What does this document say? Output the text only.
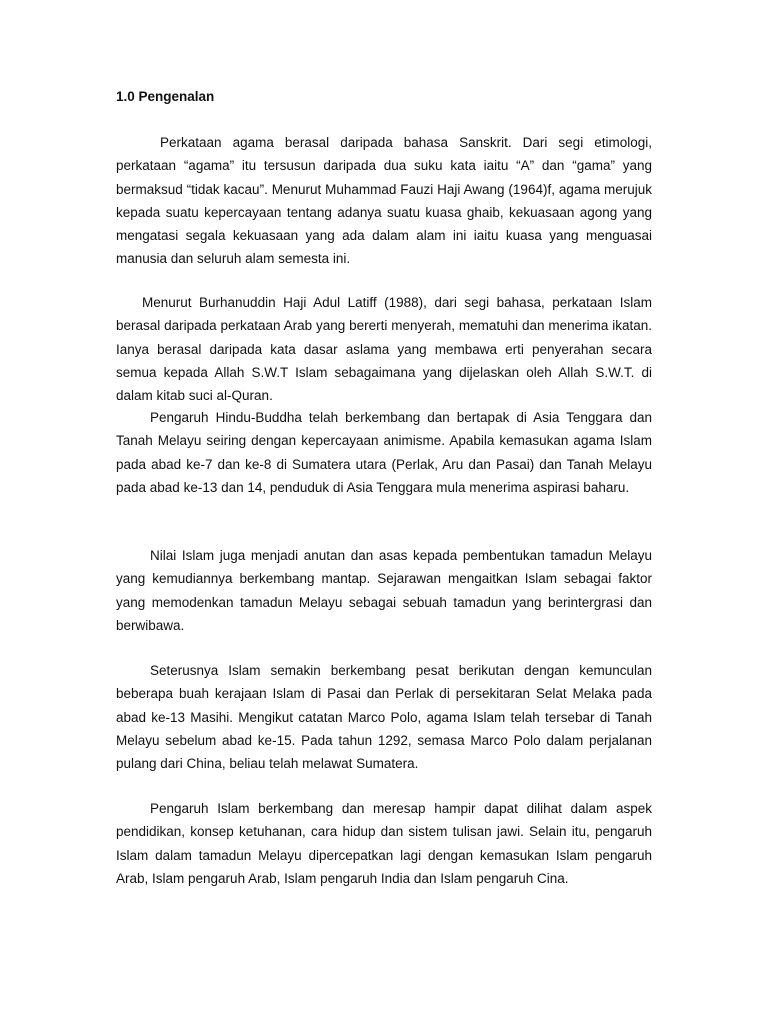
1.0 Pengenalan

Perkataan agama berasal daripada bahasa Sanskrit. Dari segi etimologi, perkataan “agama” itu tersusun daripada dua suku kata iaitu “A” dan “gama” yang bermaksud “tidak kacau”. Menurut Muhammad Fauzi Haji Awang (1964)f, agama merujuk kepada suatu kepercayaan tentang adanya suatu kuasa ghaib, kekuasaan agong yang mengatasi segala kekuasaan yang ada dalam alam ini iaitu kuasa yang menguasai manusia dan seluruh alam semesta ini.

Menurut Burhanuddin Haji Adul Latiff (1988), dari segi bahasa, perkataan Islam berasal daripada perkataan Arab yang bererti menyerah, mematuhi dan menerima ikatan. Ianya berasal daripada kata dasar aslama yang membawa erti penyerahan secara semua kepada Allah S.W.T Islam sebagaimana yang dijelaskan oleh Allah S.W.T. di dalam kitab suci al-Quran.

Pengaruh Hindu-Buddha telah berkembang dan bertapak di Asia Tenggara dan Tanah Melayu seiring dengan kepercayaan animisme. Apabila kemasukan agama Islam pada abad ke-7 dan ke-8 di Sumatera utara (Perlak, Aru dan Pasai) dan Tanah Melayu pada abad ke-13 dan 14, penduduk di Asia Tenggara mula menerima aspirasi baharu.

Nilai Islam juga menjadi anutan dan asas kepada pembentukan tamadun Melayu yang kemudiannya berkembang mantap. Sejarawan mengaitkan Islam sebagai faktor yang memodenkan tamadun Melayu sebagai sebuah tamadun yang berintergrasi dan berwibawa.

Seterusnya Islam semakin berkembang pesat berikutan dengan kemunculan beberapa buah kerajaan Islam di Pasai dan Perlak di persekitaran Selat Melaka pada abad ke-13 Masihi. Mengikut catatan Marco Polo, agama Islam telah tersebar di Tanah Melayu sebelum abad ke-15. Pada tahun 1292, semasa Marco Polo dalam perjalanan pulang dari China, beliau telah melawat Sumatera.

Pengaruh Islam berkembang dan meresap hampir dapat dilihat dalam aspek pendidikan, konsep ketuhanan, cara hidup dan sistem tulisan jawi. Selain itu, pengaruh Islam dalam tamadun Melayu dipercepatkan lagi dengan kemasukan Islam pengaruh Arab, Islam pengaruh Arab, Islam pengaruh India dan Islam pengaruh Cina.
